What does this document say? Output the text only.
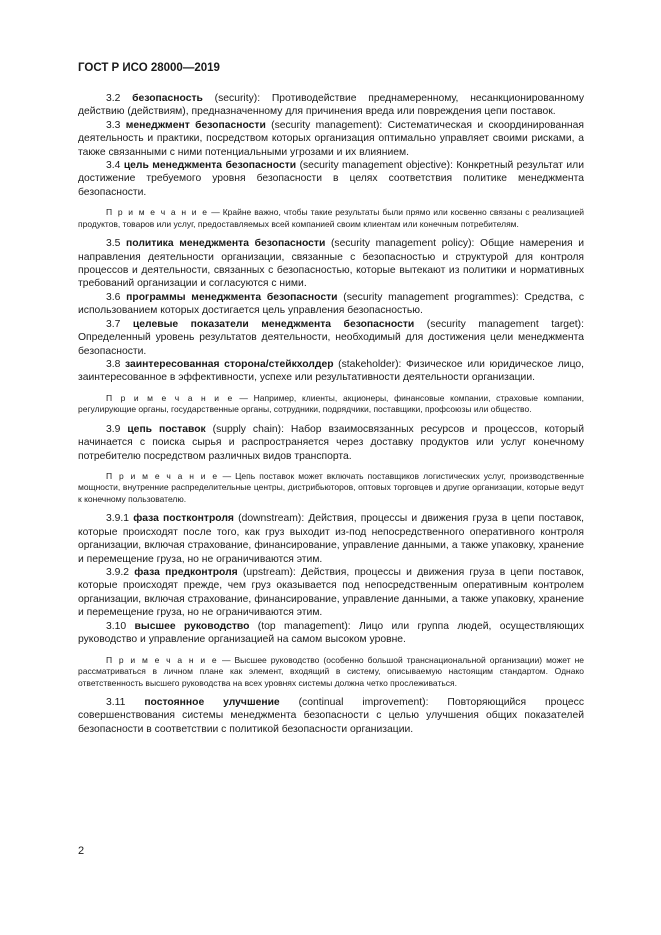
ГОСТ Р ИСО 28000—2019

3.2 безопасность (security): Противодействие преднамеренному, несанкционированному действию (действиям), предназначенному для причинения вреда или повреждения цепи поставок.

3.3 менеджмент безопасности (security management): Систематическая и скоординированная деятельность и практики, посредством которых организация оптимально управляет своими рисками, а также связанными с ними потенциальными угрозами и их влиянием.

3.4 цель менеджмента безопасности (security management objective): Конкретный результат или достижение требуемого уровня безопасности в целях соответствия политике менеджмента безопасности.

П р и м е ч а н и е — Крайне важно, чтобы такие результаты были прямо или косвенно связаны с реализацией продуктов, товаров или услуг, предоставляемых всей компанией своим клиентам или конечным потребителям.

3.5 политика менеджмента безопасности (security management policy): Общие намерения и направления деятельности организации, связанные с безопасностью и структурой для контроля процессов и деятельности, связанных с безопасностью, которые вытекают из политики и нормативных требований организации и согласуются с ними.

3.6 программы менеджмента безопасности (security management programmes): Средства, с использованием которых достигается цель управления безопасностью.

3.7 целевые показатели менеджмента безопасности (security management target): Определенный уровень результатов деятельности, необходимый для достижения цели менеджмента безопасности.

3.8 заинтересованная сторона/стейкхолдер (stakeholder): Физическое или юридическое лицо, заинтересованное в эффективности, успехе или результативности деятельности организации.

П р и м е ч а н и е — Например, клиенты, акционеры, финансовые компании, страховые компании, регулирующие органы, государственные органы, сотрудники, подрядчики, поставщики, профсоюзы или общество.

3.9 цепь поставок (supply chain): Набор взаимосвязанных ресурсов и процессов, который начинается с поиска сырья и распространяется через доставку продуктов или услуг конечному потребителю посредством различных видов транспорта.

П р и м е ч а н и е — Цепь поставок может включать поставщиков логистических услуг, производственные мощности, внутренние распределительные центры, дистрибьюторов, оптовых торговцев и другие организации, которые ведут к конечному пользователю.

3.9.1 фаза постконтроля (downstream): Действия, процессы и движения груза в цепи поставок, которые происходят после того, как груз выходит из-под непосредственного оперативного контроля организации, включая страхование, финансирование, управление данными, а также упаковку, хранение и перемещение груза, но не ограничиваются этим.

3.9.2 фаза предконтроля (upstream): Действия, процессы и движения груза в цепи поставок, которые происходят прежде, чем груз оказывается под непосредственным оперативным контролем организации, включая страхование, финансирование, управление данными, а также упаковку, хранение и перемещение груза, но не ограничиваются этим.

3.10 высшее руководство (top management): Лицо или группа людей, осуществляющих руководство и управление организацией на самом высоком уровне.

П р и м е ч а н и е — Высшее руководство (особенно большой транснациональной организации) может не рассматриваться в личном плане как элемент, входящий в систему, описываемую настоящим стандартом. Однако ответственность высшего руководства на всех уровнях системы должна четко прослеживаться.

3.11 постоянное улучшение (continual improvement): Повторяющийся процесс совершенствования системы менеджмента безопасности с целью улучшения общих показателей безопасности в соответствии с политикой безопасности организации.

2
